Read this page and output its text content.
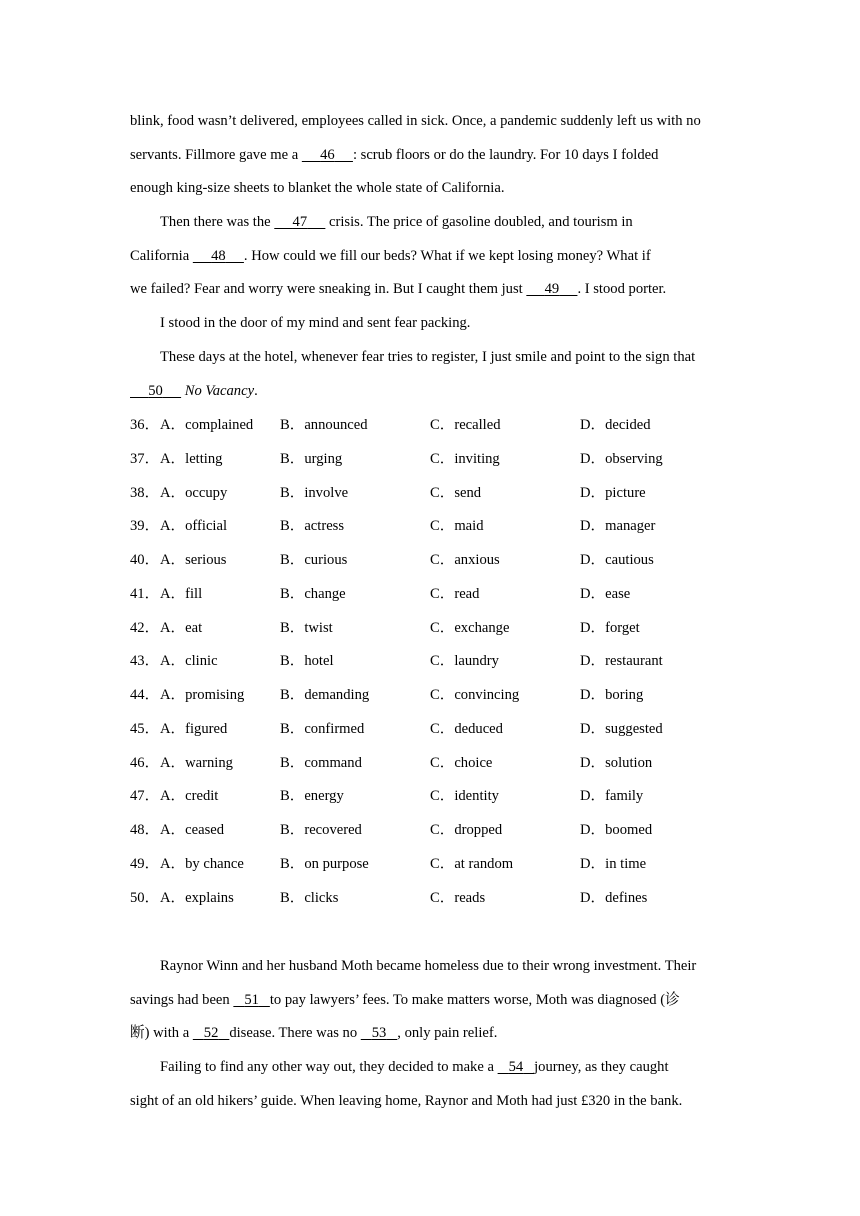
blink, food wasn’t delivered, employees called in sick. Once, a pandemic suddenly left us with no
servants. Fillmore gave me a      46 : scrub floors or do the laundry. For 10 days I folded
enough king-size sheets to blanket the whole state of California.
Then there was the      47      crisis. The price of gasoline doubled, and tourism in
California      48 . How could we fill our beds? What if we kept losing money? What if
we failed? Fear and worry were sneaking in. But I caught them just      49 . I stood porter.
I stood in the door of my mind and sent fear packing.
These days at the hotel, whenever fear tries to register, I just smile and point to the sign that
50 No Vacancy.
36． A．complained B．announced	C．recalled	D．decided
37． A．letting	B．urging	C．inviting	D．observing
38． A．occupy	B．involve	C．send	D．picture
39． A．official	B．actress	C．maid	D．manager
40． A．serious	B．curious	C．anxious	D．cautious
41． A．fill	B．change	C．read	D．ease
42． A．eat	B．twist	C．exchange	D．forget
43． A．clinic	B．hotel	C．laundry	D．restaurant
44． A．promising B．demanding	C．convincing	D．boring
45． A．figured	B．confirmed	C．deduced	D．suggested
46． A．warning	B．command	C．choice	D．solution
47． A．credit	B．energy	C．identity	D．family
48． A．ceased	B．recovered	C．dropped	D．boomed
49． A．by chance B．on purpose	C．at random	D．in time
50． A．explains	B．clicks	C．reads	D．defines
Raynor Winn and her husband Moth became homeless due to their wrong investment. Their
savings had been    51 to pay lawyers’ fees. To make matters worse, Moth was diagnosed (诊
断) with a    52 disease. There was no    53 , only pain relief.
Failing to find any other way out, they decided to make a    54 journey, as they caught
sight of an old hikers’ guide. When leaving home, Raynor and Moth had just £320 in the bank.
